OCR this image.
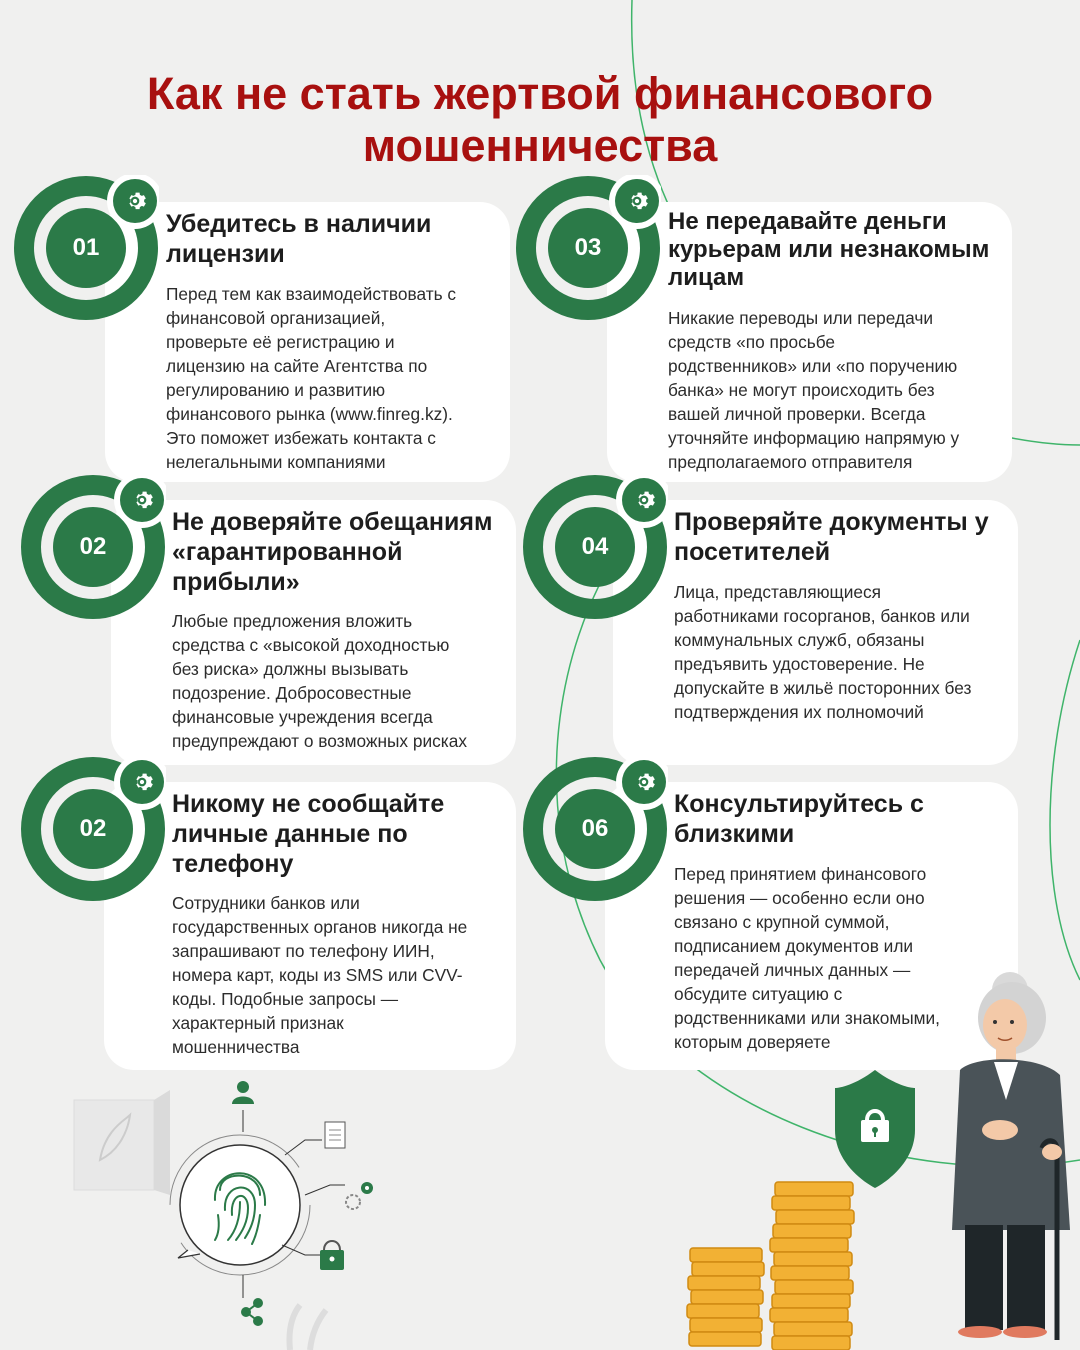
Как не стать жертвой финансового
мошенничества
01
Убедитесь в наличии
лицензии
Перед тем как взаимодействовать с
финансовой организацией,
проверьте её регистрацию и
лицензию на сайте Агентства по
регулированию и развитию
финансового рынка (www.finreg.kz).
Это поможет избежать контакта с
нелегальными компаниями
03
Не передавайте деньги
курьерам или незнакомым
лицам
Никакие переводы или передачи
средств «по просьбе
родственников» или «по поручению
банка» не могут происходить без
вашей личной проверки. Всегда
уточняйте информацию напрямую у
предполагаемого отправителя
02
Не доверяйте обещаниям
«гарантированной
прибыли»
Любые предложения вложить
средства с «высокой доходностью
без риска» должны вызывать
подозрение. Добросовестные
финансовые учреждения всегда
предупреждают о возможных рисках
04
Проверяйте документы у
посетителей
Лица, представляющиеся
работниками госорганов, банков или
коммунальных служб, обязаны
предъявить удостоверение. Не
допускайте в жильё посторонних без
подтверждения их полномочий
02
Никому не сообщайте
личные данные по
телефону
Сотрудники банков или
государственных органов никогда не
запрашивают по телефону ИИН,
номера карт, коды из SMS или CVV-
коды. Подобные запросы —
характерный признак
мошенничества
06
Консультируйтесь с
близкими
Перед принятием финансового
решения — особенно если оно
связано с крупной суммой,
подписанием документов или
передачей личных данных —
обсудите ситуацию с
родственниками или знакомыми,
которым доверяете
